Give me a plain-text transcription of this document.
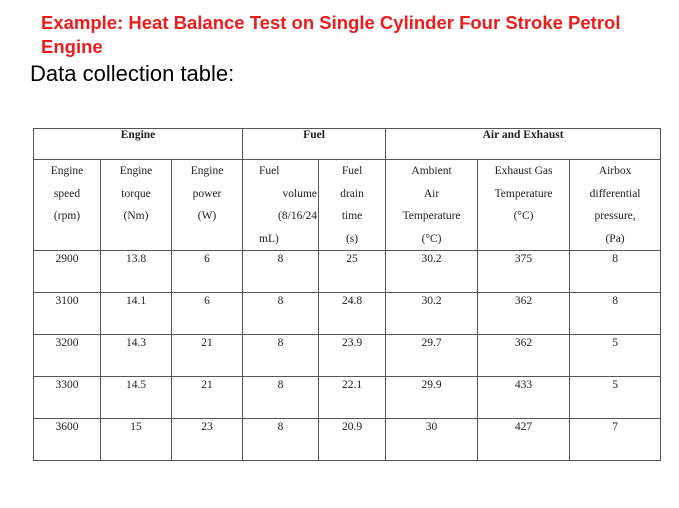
Example: Heat Balance Test on Single Cylinder Four Stroke Petrol Engine
Data collection table:
Engine			Fuel		Air and Exhaust		

Engine
speed
(rpm)	Engine
torque
(Nm)	Engine
power
(W)	Fuel
volume
(8/16/24
mL)	Fuel
drain
time
(s)	Ambient
Air
Temperature
(°C)	Exhaust Gas
Temperature
(°C)	Airbox
differential
pressure,
(Pa)

2900	13.8	6	8	25	30.2	375	8

3100	14.1	6	8	24.8	30.2	362	8

3200	14.3	21	8	23.9	29.7	362	5

3300	14.5	21	8	22.1	29.9	433	5

3600	15	23	8	20.9	30	427	7
